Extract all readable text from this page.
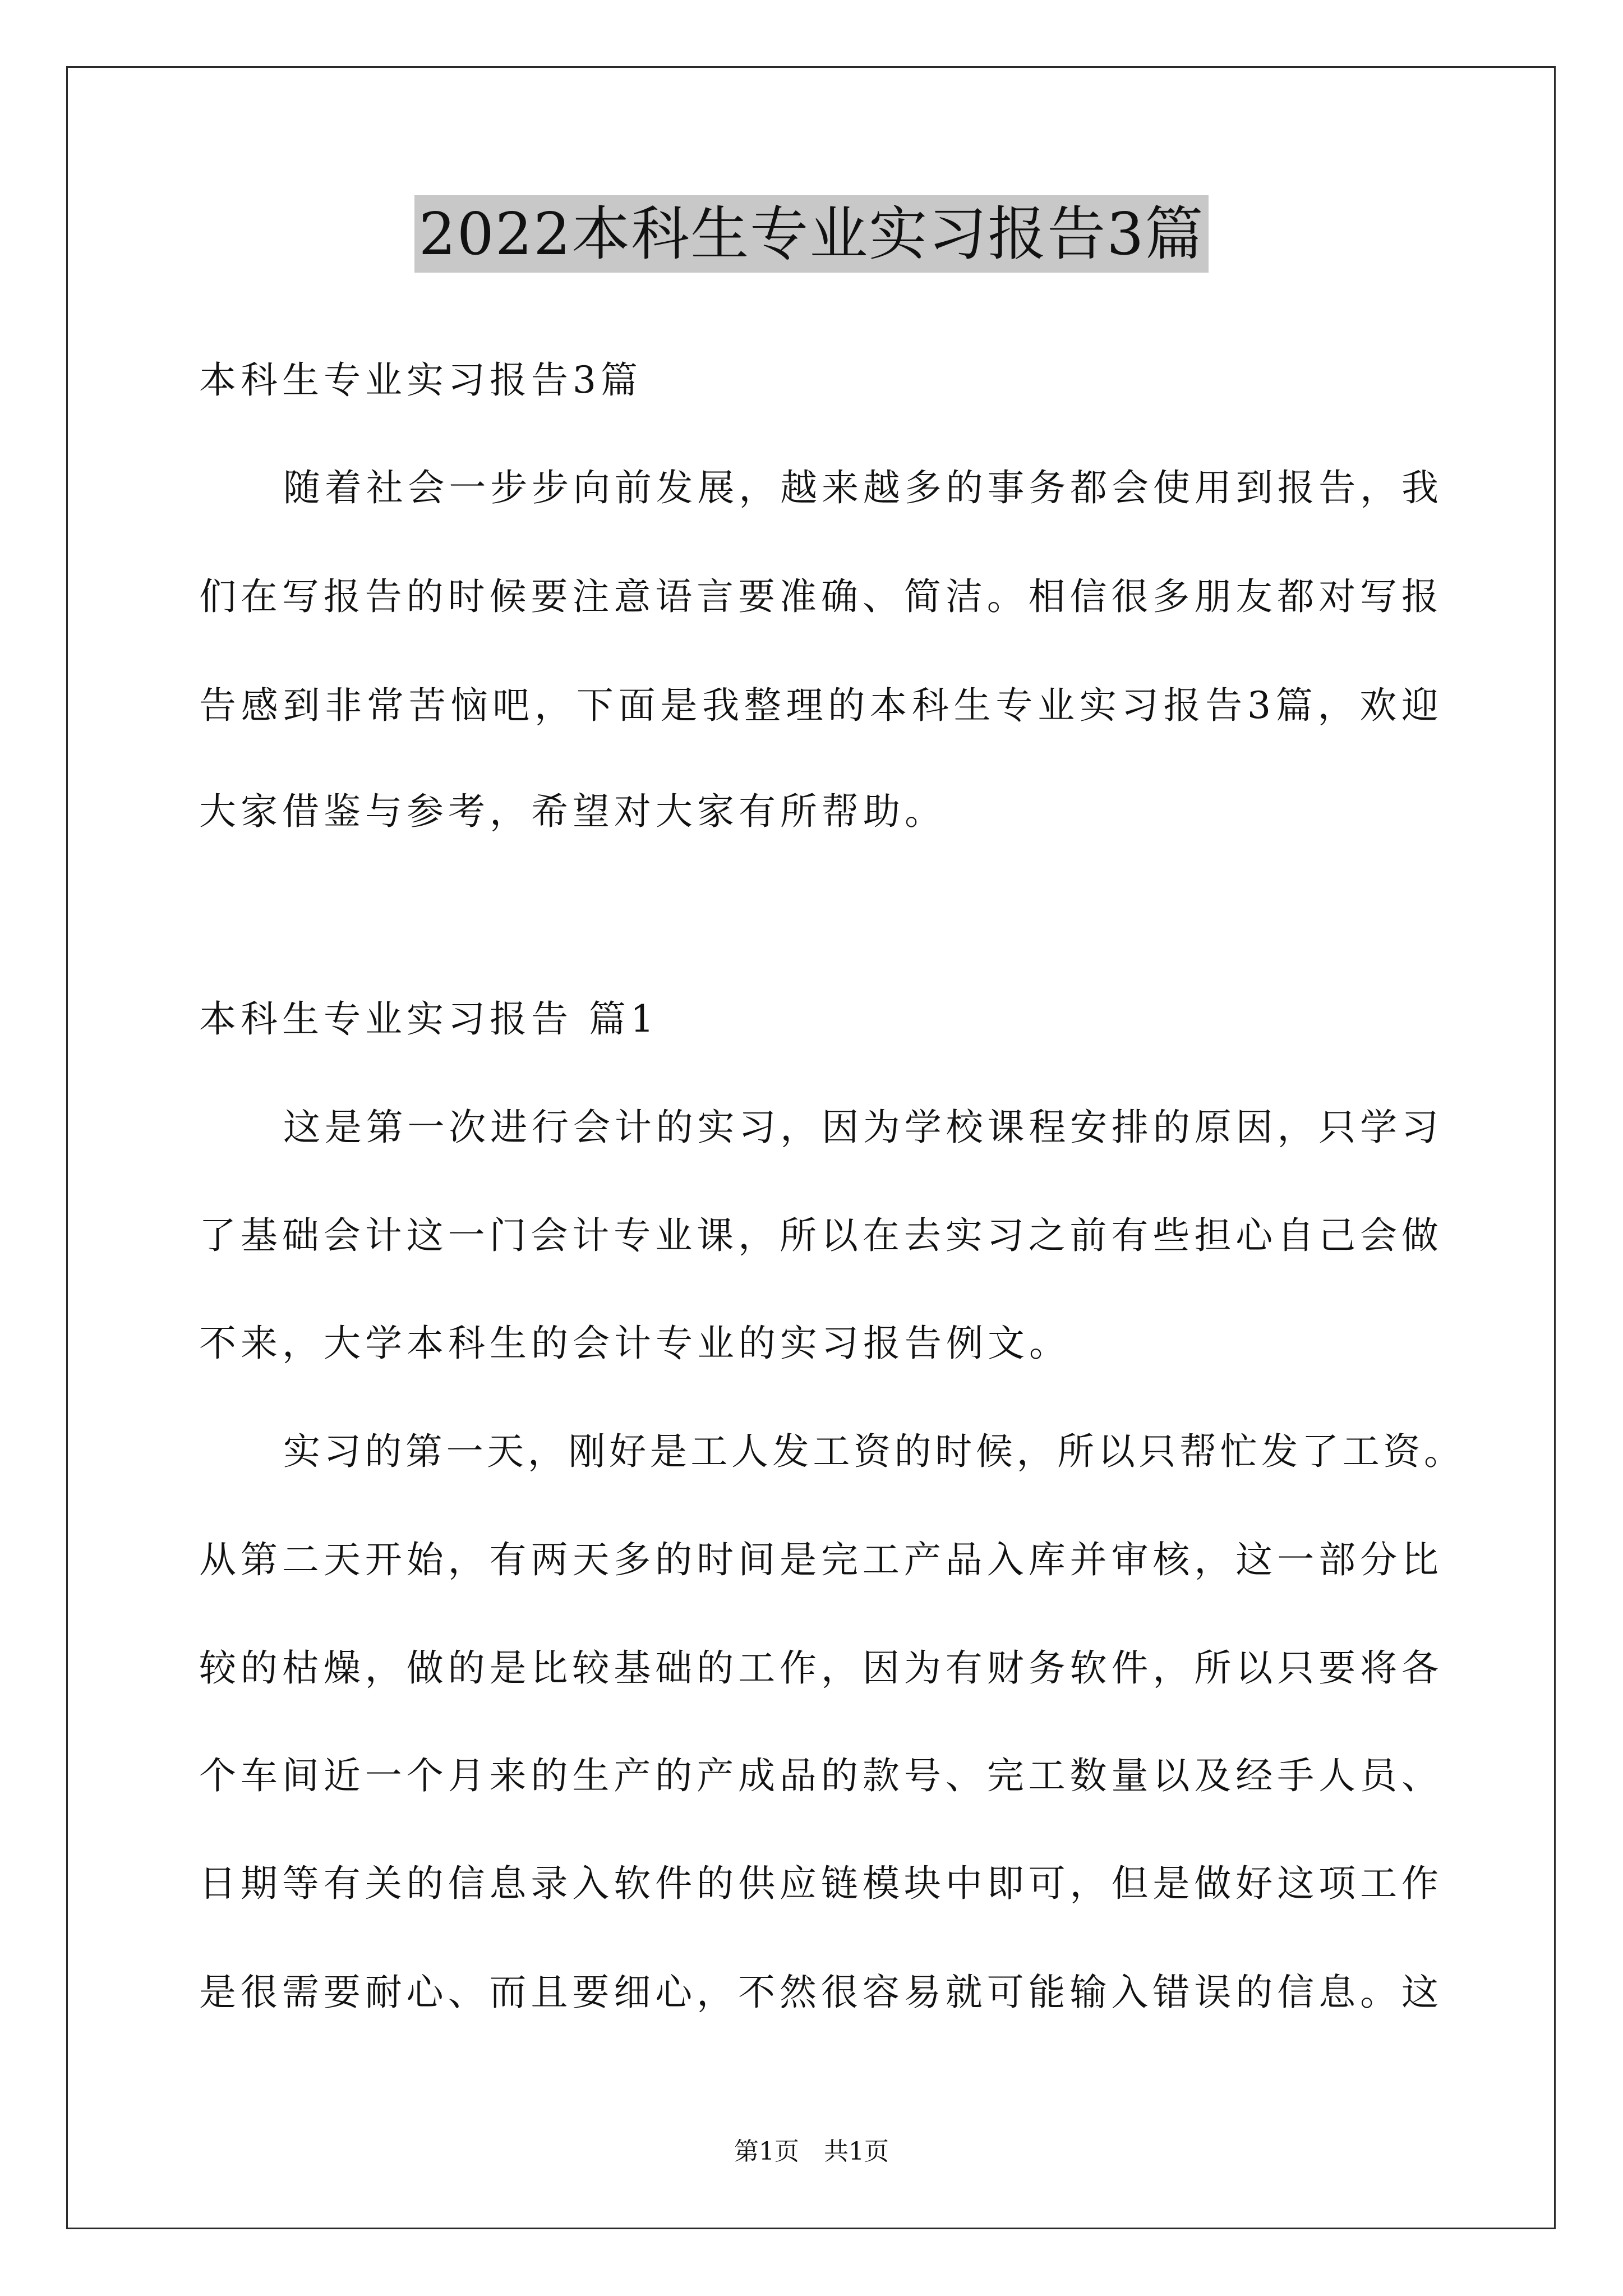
2022本科生专业实习报告3篇
本科生专业实习报告3篇
随着社会一步步向前发展，越来越多的事务都会使用到报告，我
们在写报告的时候要注意语言要准确、简洁。相信很多朋友都对写报
告感到非常苦恼吧，下面是我整理的本科生专业实习报告3篇，欢迎
大家借鉴与参考，希望对大家有所帮助。
本科生专业实习报告 篇1
这是第一次进行会计的实习，因为学校课程安排的原因，只学习
了基础会计这一门会计专业课，所以在去实习之前有些担心自己会做
不来，大学本科生的会计专业的实习报告例文。
实习的第一天，刚好是工人发工资的时候，所以只帮忙发了工资。
从第二天开始，有两天多的时间是完工产品入库并审核，这一部分比
较的枯燥，做的是比较基础的工作，因为有财务软件，所以只要将各
个车间近一个月来的生产的产成品的款号、完工数量以及经手人员、
日期等有关的信息录入软件的供应链模块中即可，但是做好这项工作
是很需要耐心、而且要细心，不然很容易就可能输入错误的信息。这
第1页　共1页
